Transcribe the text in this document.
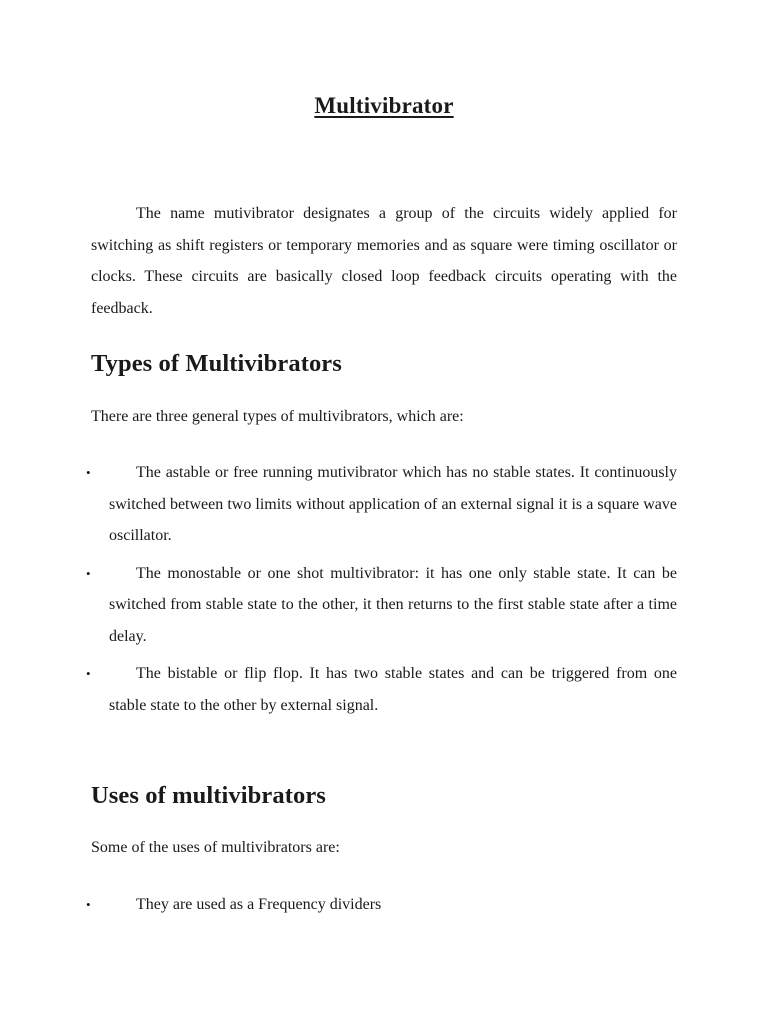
Multivibrator

The name mutivibrator designates a group of the circuits widely applied for switching as shift registers or temporary memories and as square were timing oscillator or clocks. These circuits are basically closed loop feedback circuits operating with the feedback.

Types of Multivibrators

There are three general types of multivibrators, which are:

•	The astable or free running mutivibrator which has no stable states. It continuously switched between two limits without application of an external signal it is a square wave oscillator.
•	The monostable or one shot multivibrator: it has one only stable state. It can be switched from stable state to the other, it then returns to the first stable state after a time delay.
•	The bistable or flip flop. It has two stable states and can be triggered from one stable state to the other by external signal.
Uses of multivibrators

Some of the uses of multivibrators are:

•	They are used as a Frequency dividers
